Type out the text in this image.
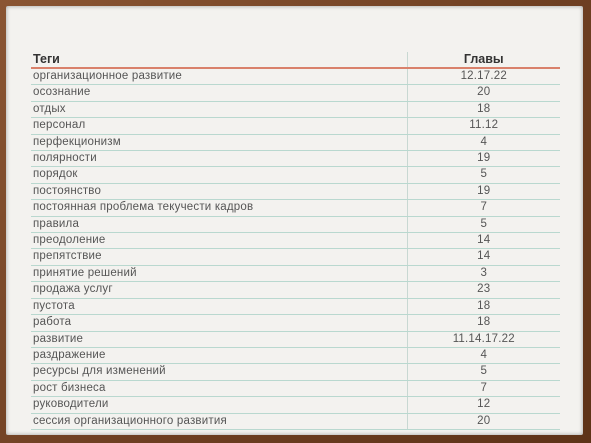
Теги	Главы
организационное развитие	12.17.22
осознание	20
отдых	18
персонал	11.12
перфекционизм	4
полярности	19
порядок	5
постоянство	19
постоянная проблема текучести кадров	7
правила	5
преодоление	14
препятствие	14
принятие решений	3
продажа услуг	23
пустота	18
работа	18
развитие	11.14.17.22
раздражение	4
ресурсы для изменений	5
рост бизнеса	7
руководители	12
сессия организационного развития	20
